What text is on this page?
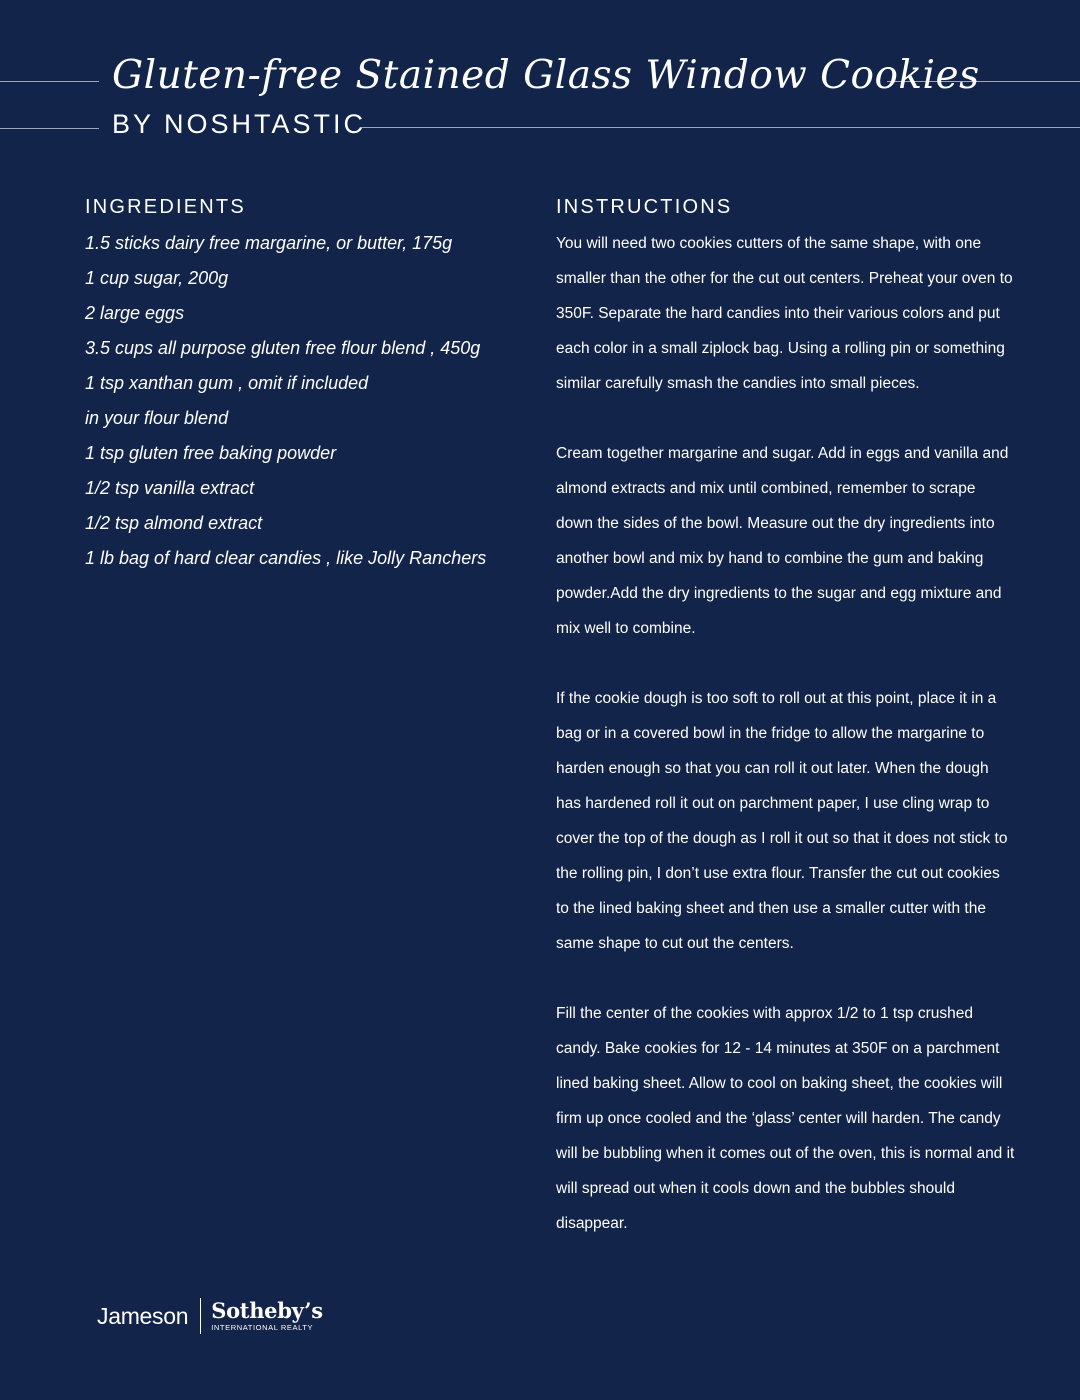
Gluten-free Stained Glass Window Cookies
BY NOSHTASTIC
INGREDIENTS
1.5 sticks dairy free margarine, or butter, 175g
1 cup sugar, 200g
2 large eggs
3.5 cups all purpose gluten free flour blend , 450g
1 tsp xanthan gum , omit if included
in your flour blend
1 tsp gluten free baking powder
1/2 tsp vanilla extract
1/2 tsp almond extract
1 lb bag of hard clear candies , like Jolly Ranchers
INSTRUCTIONS

You will need two cookies cutters of the same shape, with one smaller than the other for the cut out centers. Preheat your oven to 350F. Separate the hard candies into their various colors and put each color in a small ziplock bag. Using a rolling pin or something similar carefully smash the candies into small pieces.

Cream together margarine and sugar. Add in eggs and vanilla and almond extracts and mix until combined, remember to scrape down the sides of the bowl. Measure out the dry ingredients into another bowl and mix by hand to combine the gum and baking powder.Add the dry ingredients to the sugar and egg mixture and mix well to combine.

If the cookie dough is too soft to roll out at this point, place it in a bag or in a covered bowl in the fridge to allow the margarine to harden enough so that you can roll it out later. When the dough has hardened roll it out on parchment paper, I use cling wrap to cover the top of the dough as I roll it out so that it does not stick to the rolling pin, I don’t use extra flour. Transfer the cut out cookies to the lined baking sheet and then use a smaller cutter with the same shape to cut out the centers.

Fill the center of the cookies with approx 1/2 to 1 tsp crushed candy. Bake cookies for 12 - 14 minutes at 350F on a parchment lined baking sheet. Allow to cool on baking sheet, the cookies will firm up once cooled and the ‘glass’ center will harden. The candy will be bubbling when it comes out of the oven, this is normal and it will spread out when it cools down and the bubbles should disappear.

Jameson Sotheby’s
INTERNATIONAL REALTY
